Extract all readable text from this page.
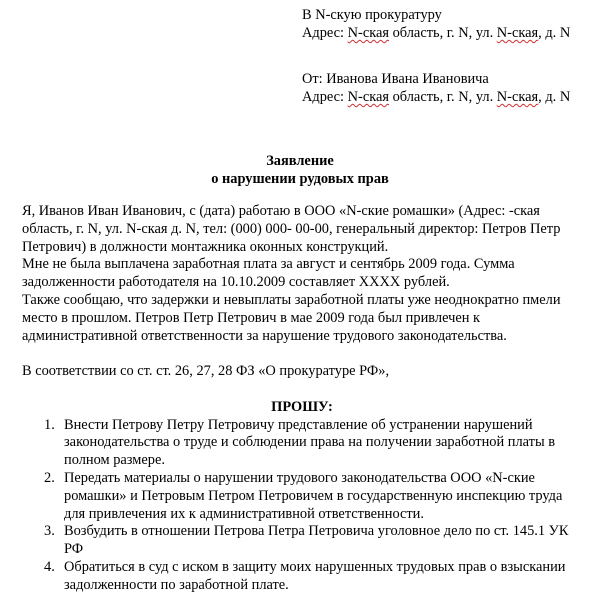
В N-скую прокуратуру
Адрес: N-ская область, г. N, ул. N-ская, д. N
От: Ивановa Ивана Ивановича
Адрес: N-ская область, г. N, ул. N-ская, д. N
Заявление
о нарушении рудовых прав

Я, Иванов Иван Иванович, с (дата) работаю в ООО «N-ские ромашки» (Адрес: -ская область, г. N, ул. N-ская д. N, тел: (000) 000- 00-00, генеральный директор: Петров Петр Петрович) в должности монтажника оконных конструкций.

Мне не была выплачена заработная плата за август и сентябрь 2009 года. Сумма задолженности работодателя на 10.10.2009 составляет ХХХХ рублей.

Также сообщаю, что задержки и невыплаты заработной платы уже неоднократно пмели место в прошлом. Петров Петр Петрович в мае 2009 года был привлечен к административной ответственности за нарушение трудового законодательства.

В соответствии со ст. ст. 26, 27, 28 ФЗ «О прокуратуре РФ»,

ПРОШУ:

1. Внести Петрову Петру Петровичу представление об устранении нарушений законодательства о труде и соблюдении права на получении заработной платы в полном размере.
2. Передать материалы о нарушении трудового законодательства ООО «N-ские ромашки» и Петровым Петром Петровичем в государственную инспекцию труда для привлечения их к административной ответственности.
3. Возбудить в отношении Петрова Петра Петровича уголовное дело по ст. 145.1 УК РФ
4. Обратиться в суд с иском в защиту моих нарушенных трудовых прав о взыскании задолженности по заработной плате.
